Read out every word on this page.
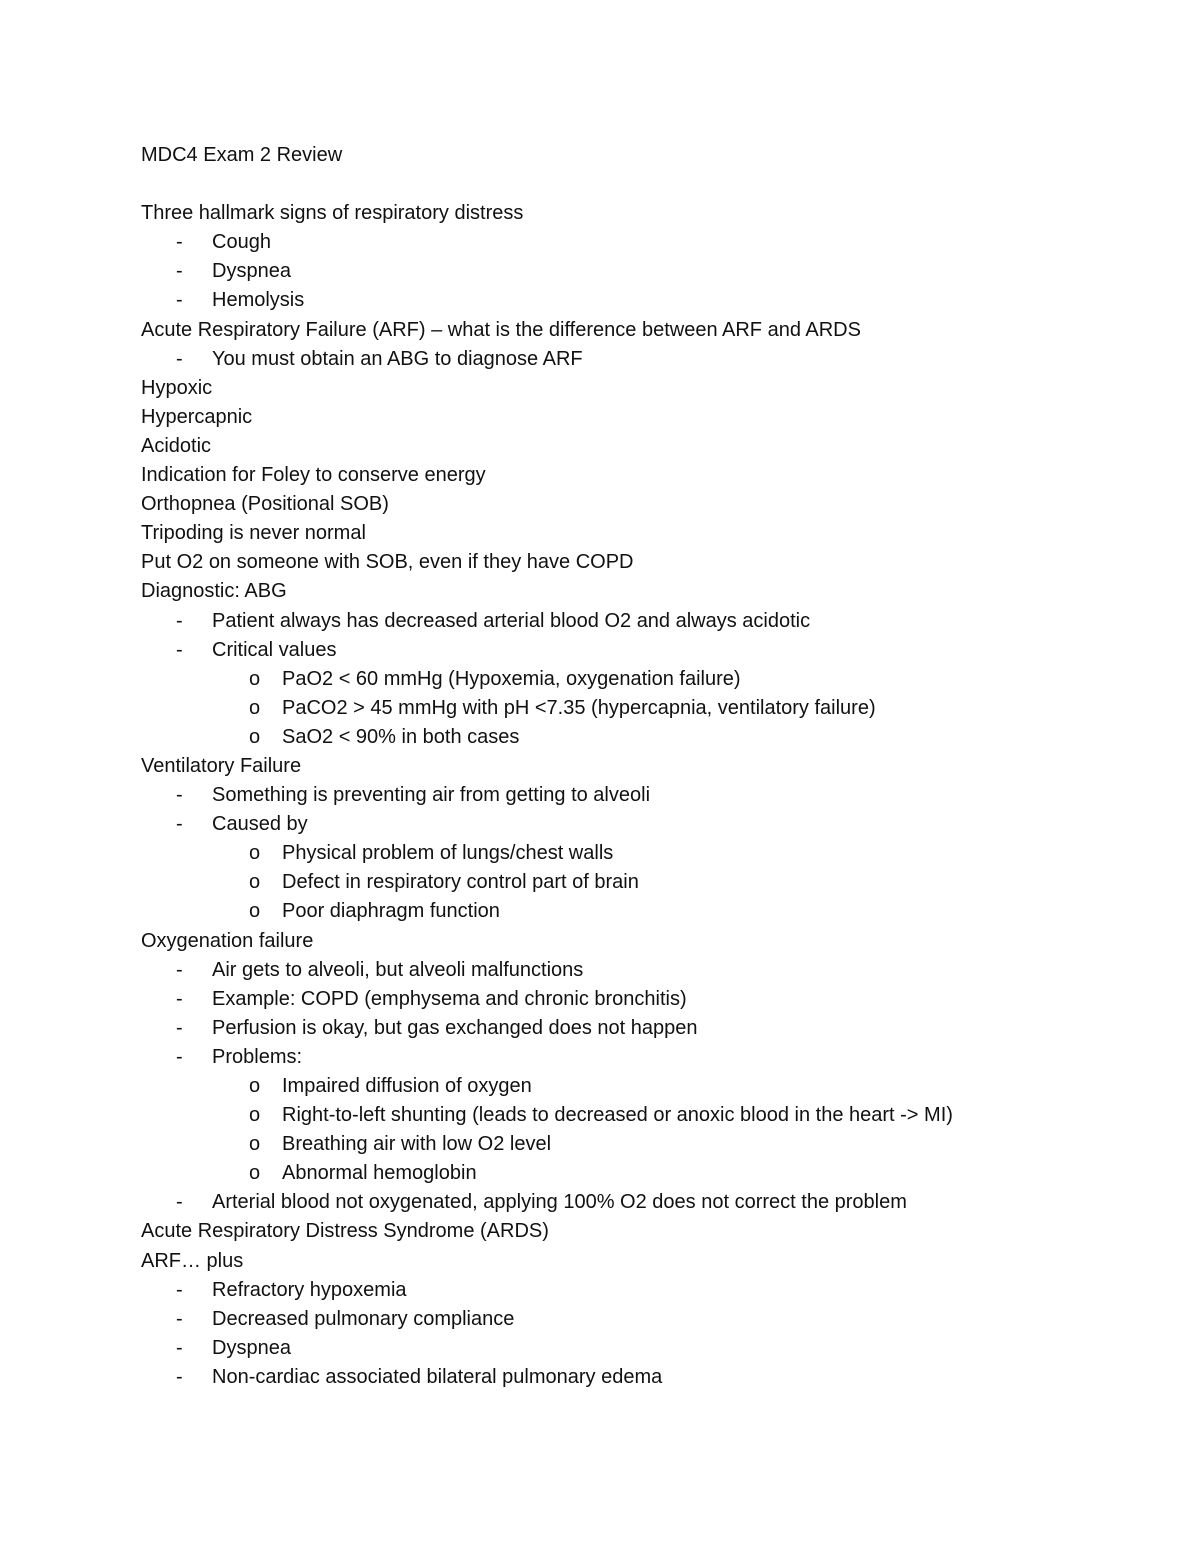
MDC4 Exam 2 Review
Three hallmark signs of respiratory distress
- Cough
- Dyspnea
- Hemolysis
Acute Respiratory Failure (ARF) – what is the difference between ARF and ARDS
- You must obtain an ABG to diagnose ARF
Hypoxic
Hypercapnic
Acidotic
Indication for Foley to conserve energy
Orthopnea (Positional SOB)
Tripoding is never normal
Put O2 on someone with SOB, even if they have COPD
Diagnostic: ABG
- Patient always has decreased arterial blood O2 and always acidotic
- Critical values
o PaO2 < 60 mmHg (Hypoxemia, oxygenation failure)
o PaCO2 > 45 mmHg with pH <7.35 (hypercapnia, ventilatory failure)
o SaO2 < 90% in both cases
Ventilatory Failure
- Something is preventing air from getting to alveoli
- Caused by
o Physical problem of lungs/chest walls
o Defect in respiratory control part of brain
o Poor diaphragm function
Oxygenation failure
- Air gets to alveoli, but alveoli malfunctions
- Example: COPD (emphysema and chronic bronchitis)
- Perfusion is okay, but gas exchanged does not happen
- Problems:
o Impaired diffusion of oxygen
o Right-to-left shunting (leads to decreased or anoxic blood in the heart -> MI)
o Breathing air with low O2 level
o Abnormal hemoglobin
- Arterial blood not oxygenated, applying 100% O2 does not correct the problem
Acute Respiratory Distress Syndrome (ARDS)
ARF… plus
- Refractory hypoxemia
- Decreased pulmonary compliance
- Dyspnea
- Non-cardiac associated bilateral pulmonary edema
